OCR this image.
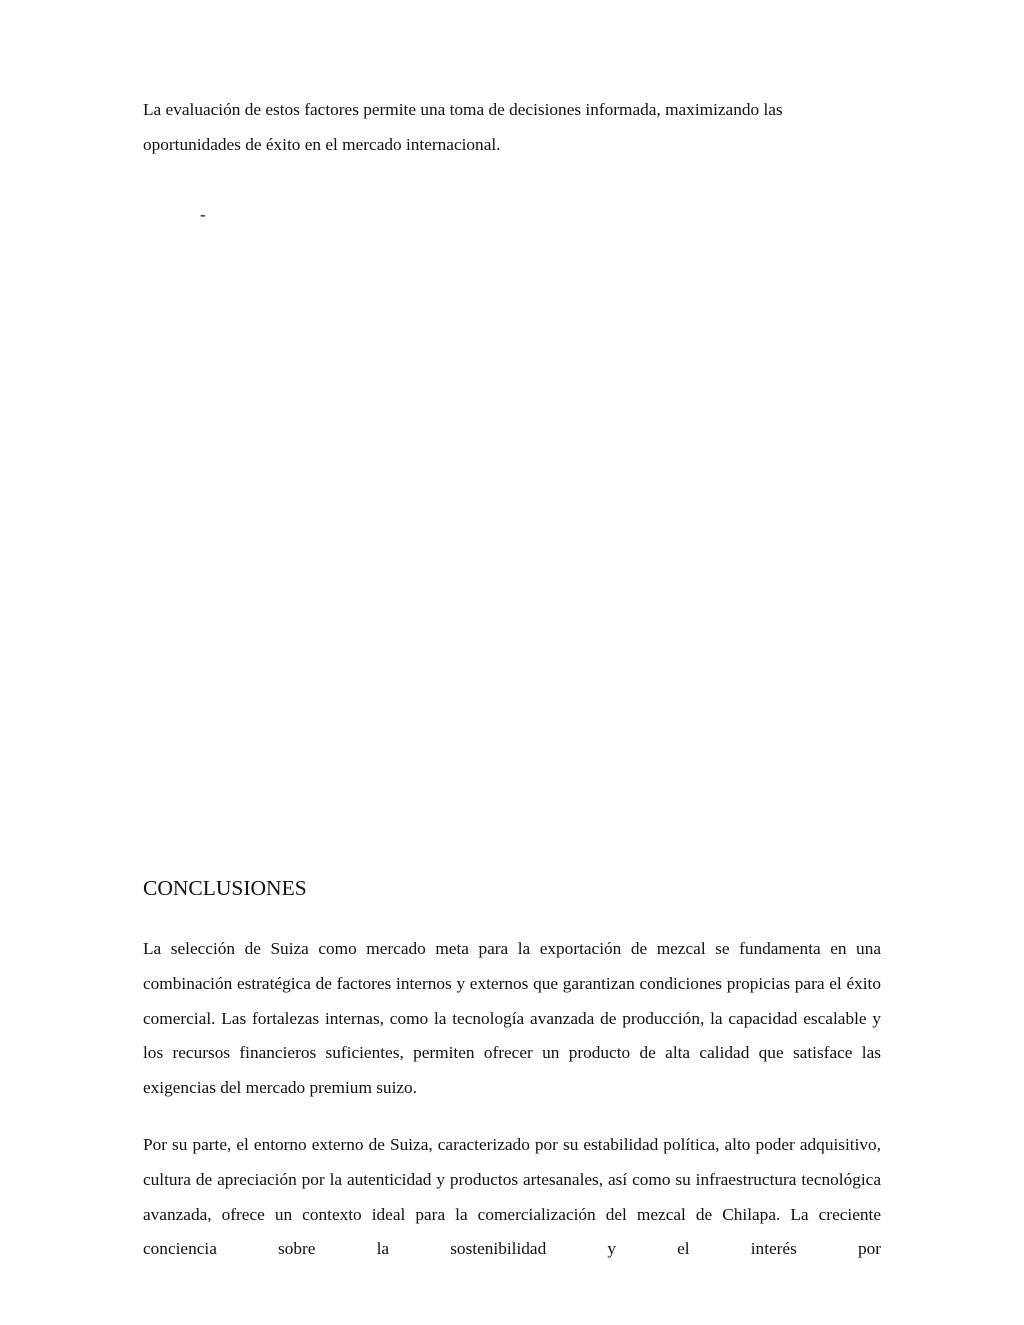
La evaluación de estos factores permite una toma de decisiones informada, maximizando las oportunidades de éxito en el mercado internacional.

-
CONCLUSIONES

La selección de Suiza como mercado meta para la exportación de mezcal se fundamenta en una combinación estratégica de factores internos y externos que garantizan condiciones propicias para el éxito comercial. Las fortalezas internas, como la tecnología avanzada de producción, la capacidad escalable y los recursos financieros suficientes, permiten ofrecer un producto de alta calidad que satisface las exigencias del mercado premium suizo.

Por su parte, el entorno externo de Suiza, caracterizado por su estabilidad política, alto poder adquisitivo, cultura de apreciación por la autenticidad y productos artesanales, así como su infraestructura tecnológica avanzada, ofrece un contexto ideal para la comercialización del mezcal de Chilapa. La creciente conciencia sobre la sostenibilidad y el interés por
